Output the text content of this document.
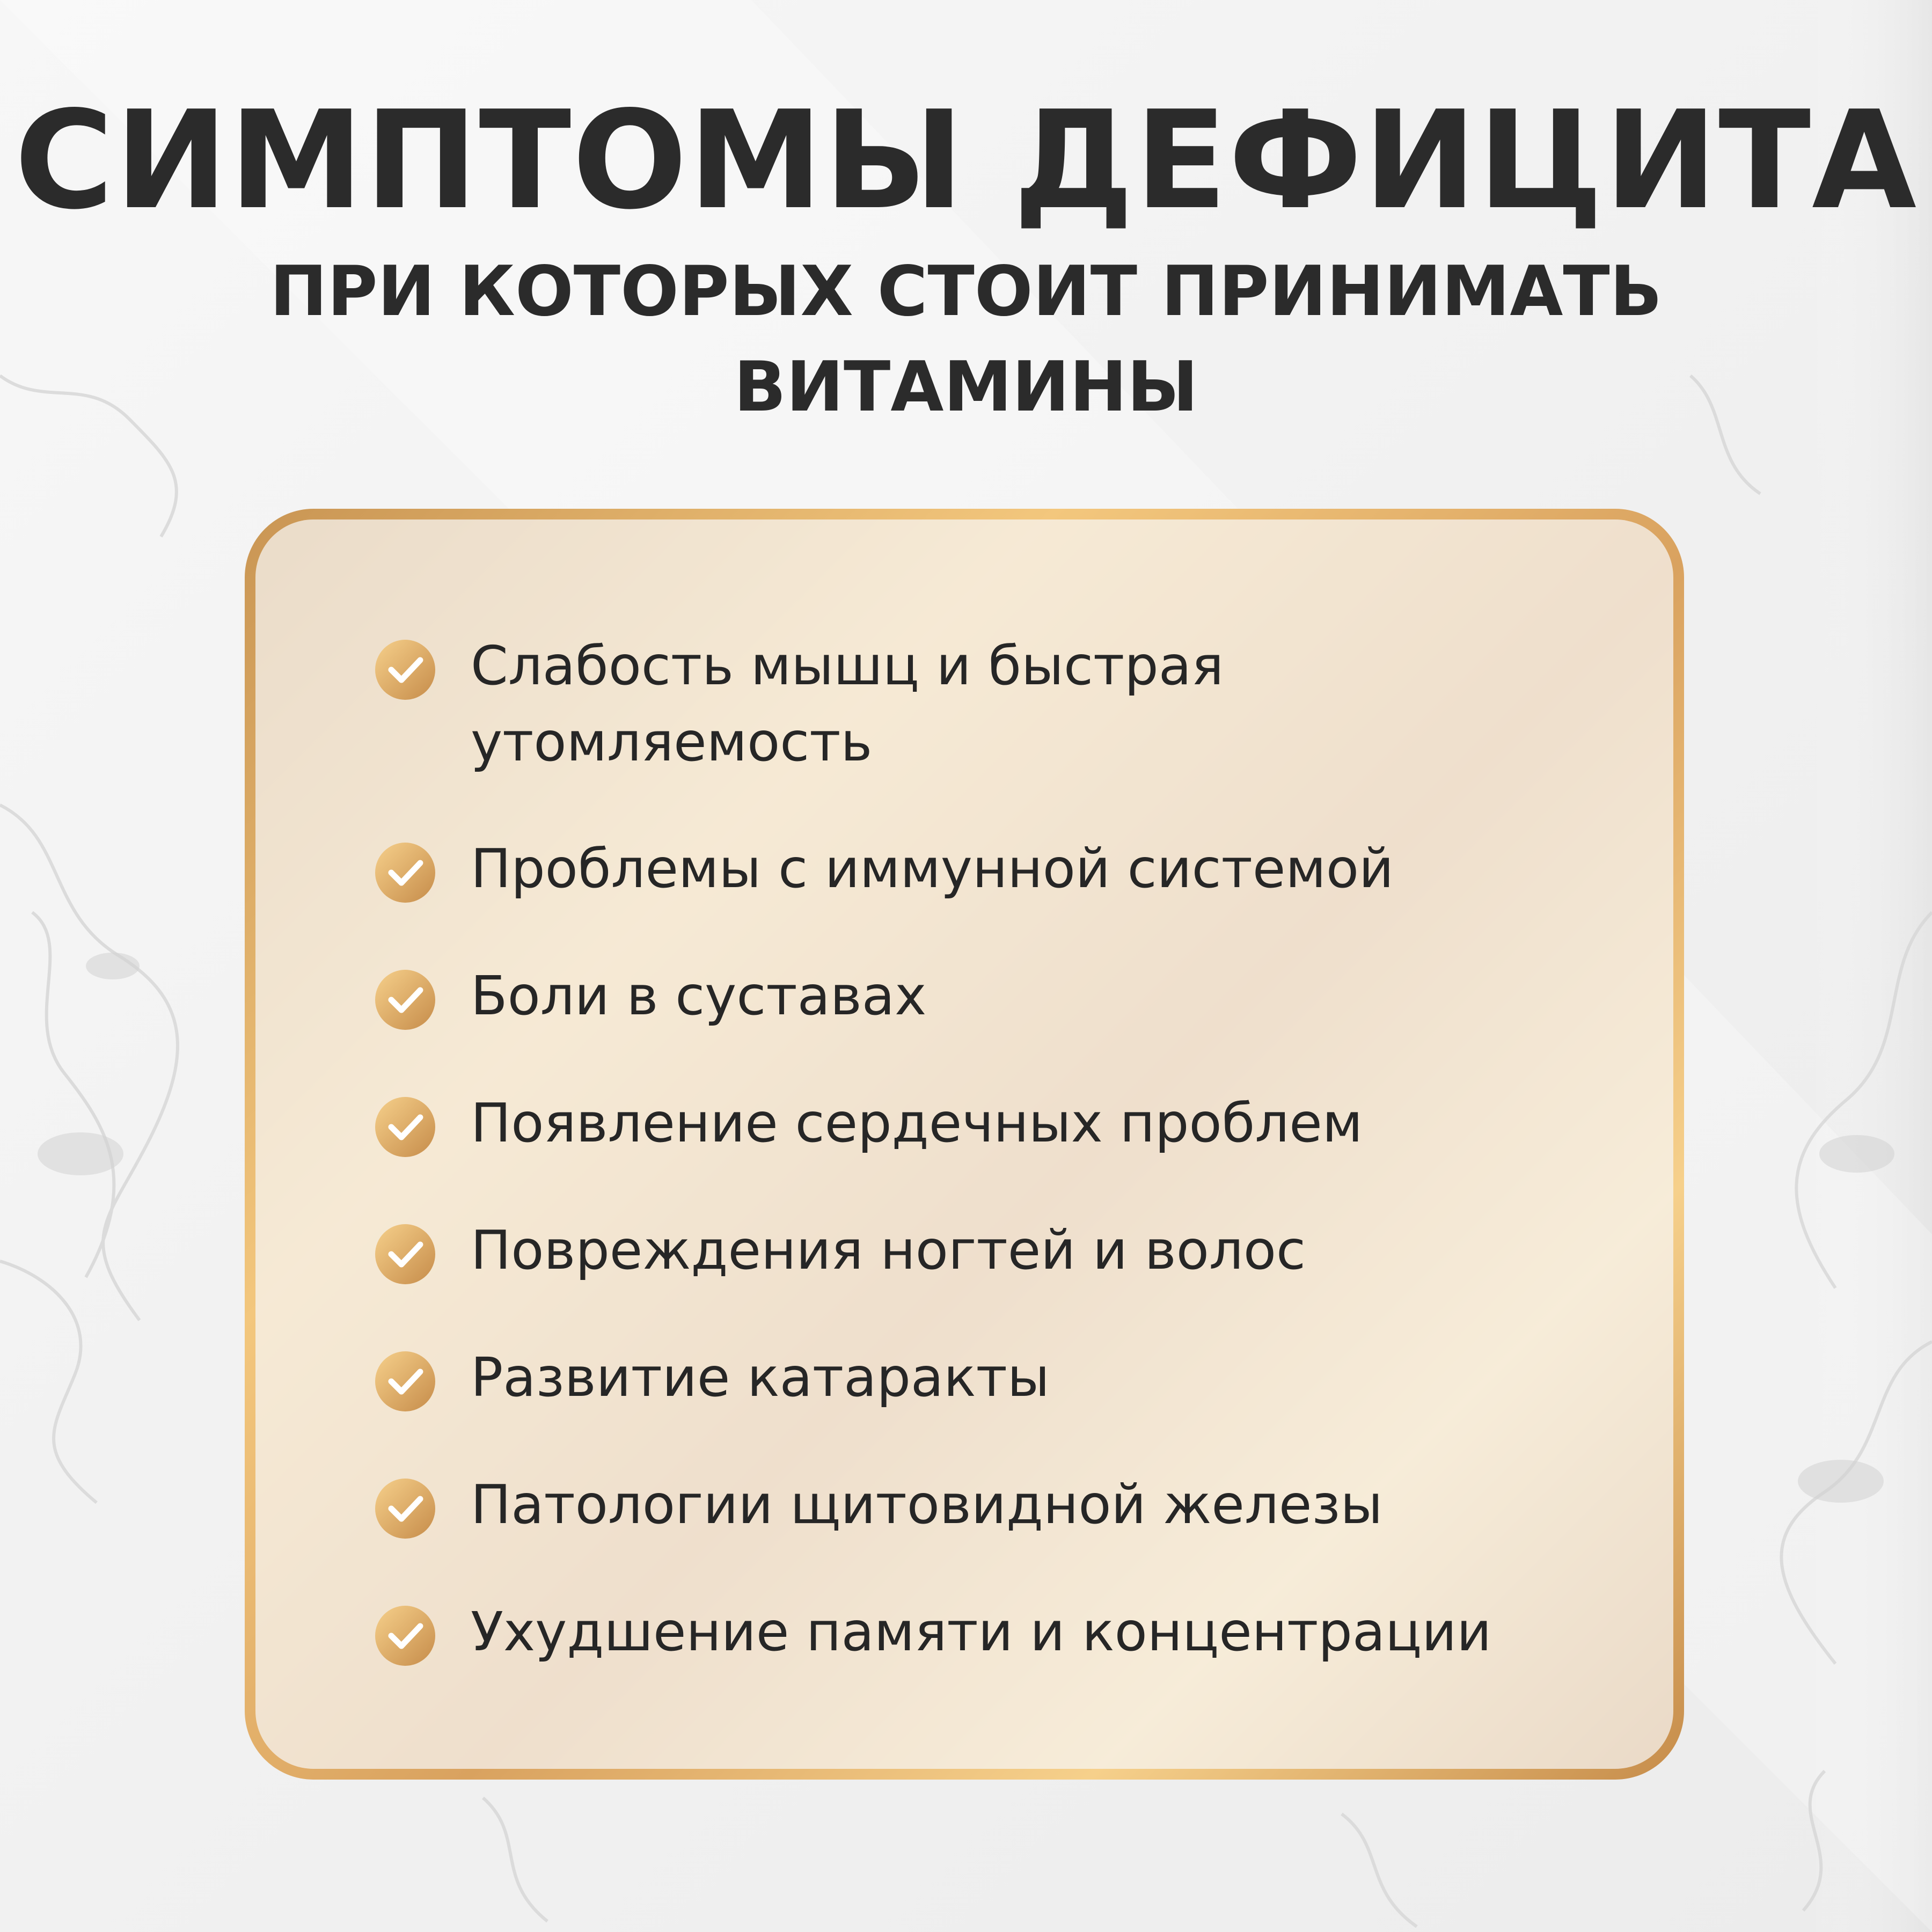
СИМПТОМЫ ДЕФИЦИТА
ПРИ КОТОРЫХ СТОИТ ПРИНИМАТЬ
ВИТАМИНЫ
Слабость мышц и быстрая
утомляемость
Проблемы с иммунной системой
Боли в суставах
Появление сердечных проблем
Повреждения ногтей и волос
Развитие катаракты
Патологии щитовидной железы
Ухудшение памяти и концентрации
